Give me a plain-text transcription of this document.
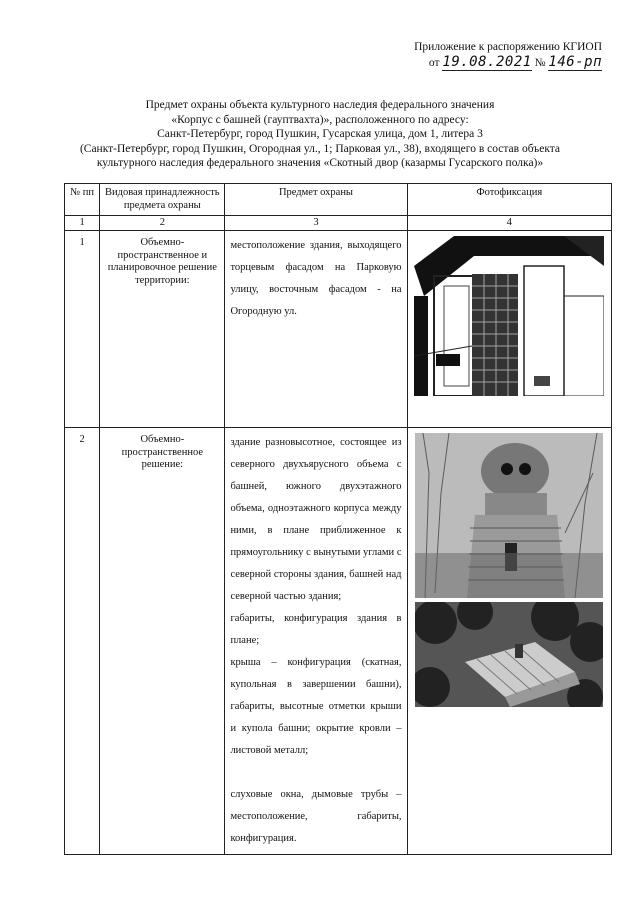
Приложение к распоряжению КГИОП
от 19.08.2021 № 146-рп
Предмет охраны объекта культурного наследия федерального значения
«Корпус с башней (гауптвахта)», расположенного по адресу:
Санкт-Петербург, город Пушкин, Гусарская улица, дом 1, литера 3
(Санкт-Петербург, город Пушкин, Огородная ул., 1; Парковая ул., 38), входящего в состав объекта
культурного наследия федерального значения «Скотный двор (казармы Гусарского полка)»
№ пп	Видовая принадлежность предмета охраны	Предмет охраны	Фотофиксация
1	2	3	4
1	Объемно-пространственное и планировочное решение территории:	местоположение здания, выходящего торцевым фасадом на Парковую улицу, восточным фасадом - на Огородную ул.

2	Объемно-пространственное решение:	здание разновысотное, состоящее из северного двухъярусного объема с башней, южного двухэтажного объема, одноэтажного корпуса между ними, в плане приближенное к прямоугольнику с вынутыми углами с северной стороны здания, башней над северной частью здания;

габариты, конфигурация здания в плане;

крыша – конфигурация (скатная, купольная в завершении башни), габариты, высотные отметки крыши и купола башни; окрытие кровли – листовой металл;

слуховые окна, дымовые трубы – местоположение, габариты, конфигурация.
